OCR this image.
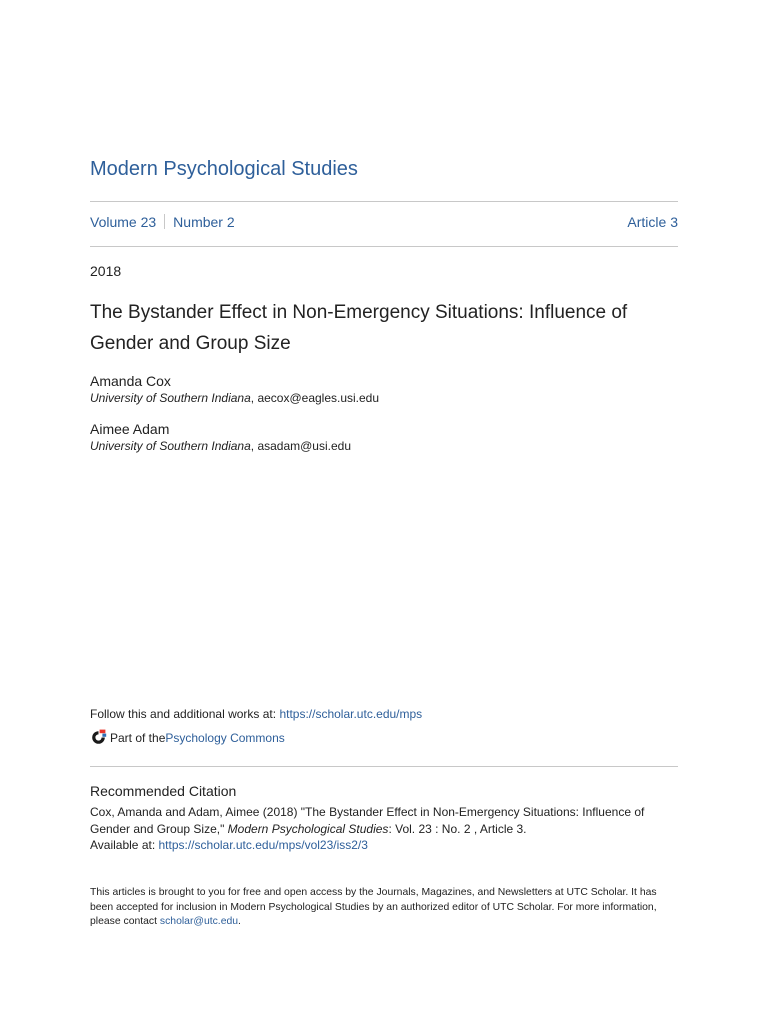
Modern Psychological Studies
Volume 23 Number 2	Article 3
2018
The Bystander Effect in Non-Emergency Situations: Influence of Gender and Group Size
Amanda Cox
University of Southern Indiana, aecox@eagles.usi.edu
Aimee Adam
University of Southern Indiana, asadam@usi.edu
Follow this and additional works at: https://scholar.utc.edu/mps
Part of the Psychology Commons
Recommended Citation
Cox, Amanda and Adam, Aimee (2018) "The Bystander Effect in Non-Emergency Situations: Influence of Gender and Group Size," Modern Psychological Studies: Vol. 23 : No. 2 , Article 3.
Available at: https://scholar.utc.edu/mps/vol23/iss2/3
This articles is brought to you for free and open access by the Journals, Magazines, and Newsletters at UTC Scholar. It has been accepted for inclusion in Modern Psychological Studies by an authorized editor of UTC Scholar. For more information, please contact scholar@utc.edu.
